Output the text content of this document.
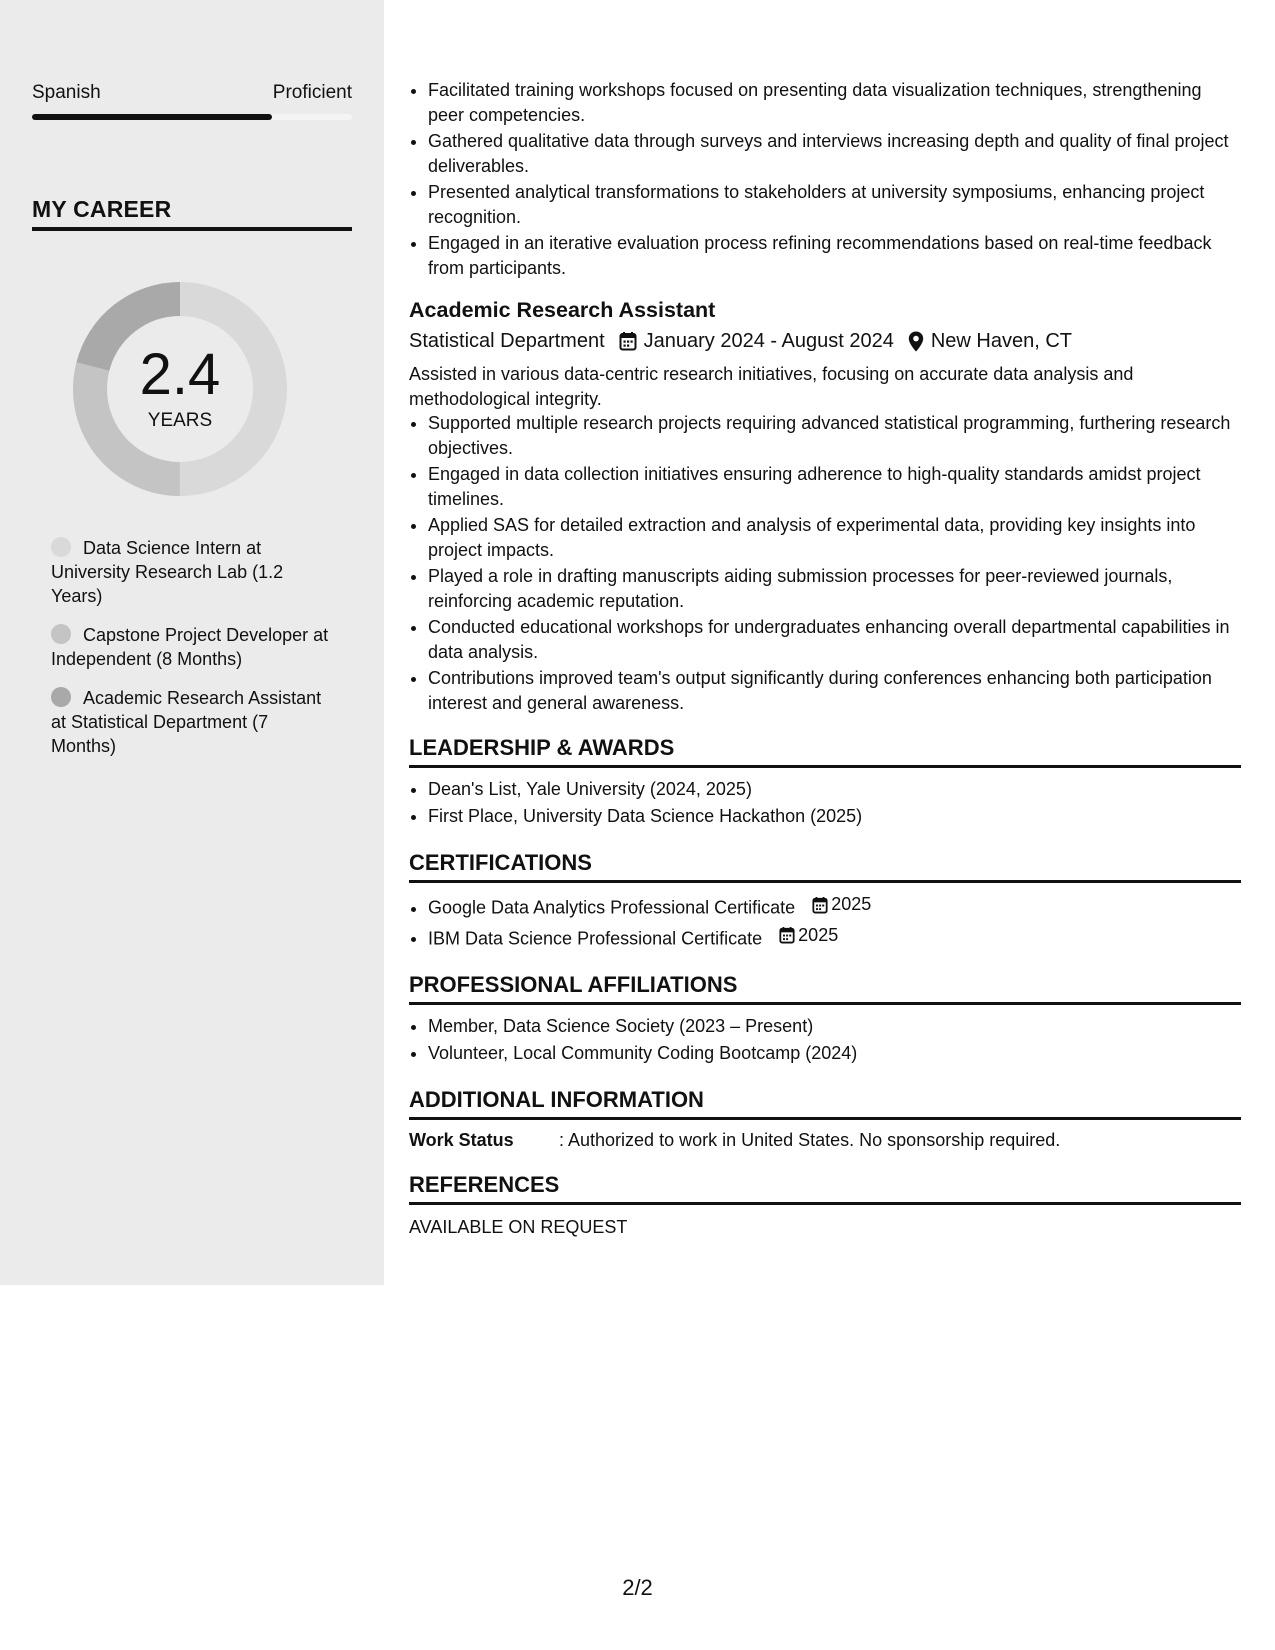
Spanish	Proficient
MY CAREER
2.4
YEARS
Data Science Intern at University Research Lab (1.2 Years)
Capstone Project Developer at Independent (8 Months)
Academic Research Assistant at Statistical Department (7 Months)
• Facilitated training workshops focused on presenting data visualization techniques, strengthening peer competencies.
• Gathered qualitative data through surveys and interviews increasing depth and quality of final project deliverables.
• Presented analytical transformations to stakeholders at university symposiums, enhancing project recognition.
• Engaged in an iterative evaluation process refining recommendations based on real-time feedback from participants.
Academic Research Assistant
Statistical Department January 2024 - August 2024 New Haven, CT
Assisted in various data-centric research initiatives, focusing on accurate data analysis and methodological integrity.
• Supported multiple research projects requiring advanced statistical programming, furthering research objectives.
• Engaged in data collection initiatives ensuring adherence to high-quality standards amidst project timelines.
• Applied SAS for detailed extraction and analysis of experimental data, providing key insights into project impacts.
• Played a role in drafting manuscripts aiding submission processes for peer-reviewed journals, reinforcing academic reputation.
• Conducted educational workshops for undergraduates enhancing overall departmental capabilities in data analysis.
• Contributions improved team's output significantly during conferences enhancing both participation interest and general awareness.
LEADERSHIP & AWARDS
• Dean's List, Yale University (2024, 2025)
• First Place, University Data Science Hackathon (2025)
CERTIFICATIONS
• Google Data Analytics Professional Certificate 2025
• IBM Data Science Professional Certificate 2025
PROFESSIONAL AFFILIATIONS
• Member, Data Science Society (2023 – Present)
• Volunteer, Local Community Coding Bootcamp (2024)
ADDITIONAL INFORMATION
Work Status	: Authorized to work in United States. No sponsorship required.
REFERENCES
AVAILABLE ON REQUEST
2/2
